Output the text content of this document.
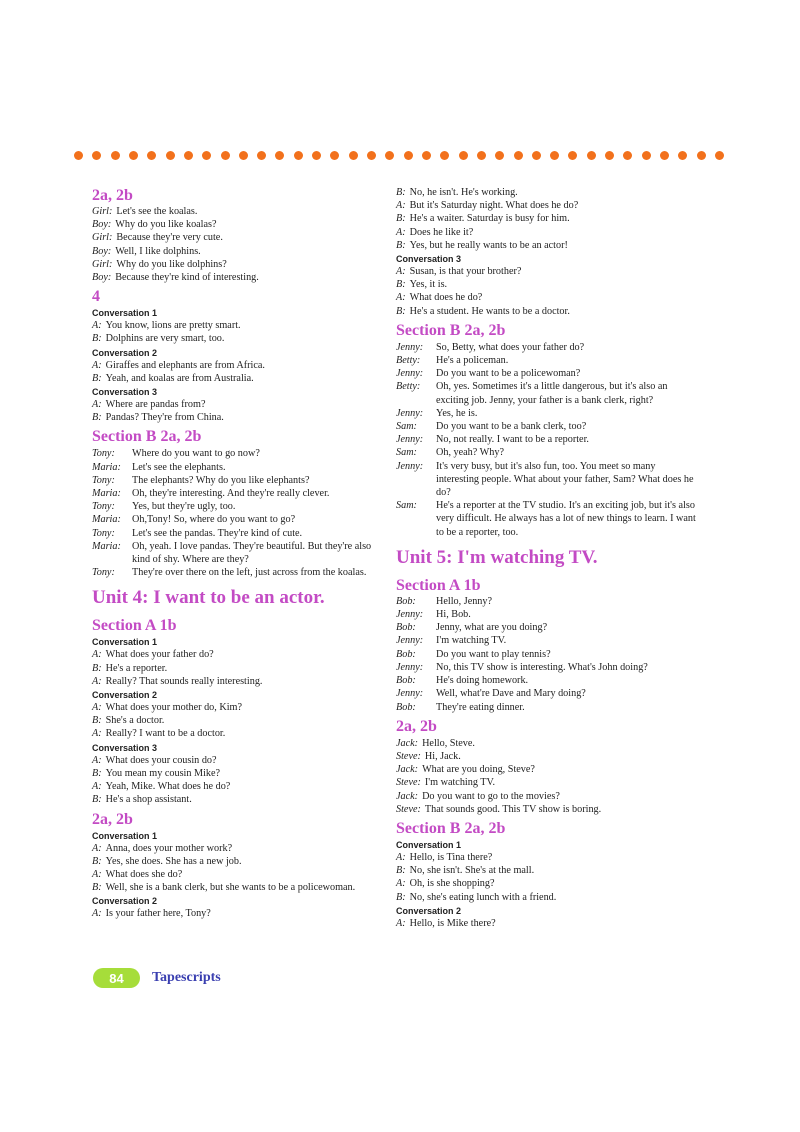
2a, 2b
Girl: Let's see the koalas.
Boy: Why do you like koalas?
Girl: Because they're very cute.
Boy: Well, I like dolphins.
Girl: Why do you like dolphins?
Boy: Because they're kind of interesting.
4
Conversation 1
A: You know, lions are pretty smart.
B: Dolphins are very smart, too.
Conversation 2
A: Giraffes and elephants are from Africa.
B: Yeah, and koalas are from Australia.
Conversation 3
A: Where are pandas from?
B: Pandas? They're from China.
Section B 2a, 2b
Tony:	Where do you want to go now?
Maria:	Let's see the elephants.
Tony:	The elephants? Why do you like elephants?
Maria:	Oh, they're interesting. And they're really clever.
Tony:	Yes, but they're ugly, too.
Maria:	Oh,Tony! So, where do you want to go?
Tony:	Let's see the pandas. They're kind of cute.
Maria:	Oh, yeah. I love pandas. They're beautiful. But they're also kind of shy. Where are they?
Tony:	They're over there on the left, just across from the koalas.
Unit 4: I want to be an actor.
Section A 1b
Conversation 1
A: What does your father do?
B: He's a reporter.
A: Really? That sounds really interesting.
Conversation 2
A: What does your mother do, Kim?
B: She's a doctor.
A: Really? I want to be a doctor.
Conversation 3
A: What does your cousin do?
B: You mean my cousin Mike?
A: Yeah, Mike. What does he do?
B: He's a shop assistant.
2a, 2b
Conversation 1
A: Anna, does your mother work?
B: Yes, she does. She has a new job.
A: What does she do?
B: Well, she is a bank clerk, but she wants to be a policewoman.
Conversation 2
A: Is your father here, Tony?
B: No, he isn't. He's working.
A: But it's Saturday night. What does he do?
B: He's a waiter. Saturday is busy for him.
A: Does he like it?
B: Yes, but he really wants to be an actor!
Conversation 3
A: Susan, is that your brother?
B: Yes, it is.
A: What does he do?
B: He's a student. He wants to be a doctor.
Section B 2a, 2b
Jenny:	So, Betty, what does your father do?
Betty:	He's a policeman.
Jenny:	Do you want to be a policewoman?
Betty:	Oh, yes. Sometimes it's a little dangerous, but it's also an exciting job. Jenny, your father is a bank clerk, right?
Jenny:	Yes, he is.
Sam:	Do you want to be a bank clerk, too?
Jenny:	No, not really. I want to be a reporter.
Sam:	Oh, yeah? Why?
Jenny:	It's very busy, but it's also fun, too. You meet so many interesting people. What about your father, Sam? What does he do?
Sam:	He's a reporter at the TV studio. It's an exciting job, but it's also very difficult. He always has a lot of new things to learn. I want to be a reporter, too.
Unit 5: I'm watching TV.
Section A 1b
Bob:	Hello, Jenny?
Jenny:	Hi, Bob.
Bob:	Jenny, what are you doing?
Jenny:	I'm watching TV.
Bob:	Do you want to play tennis?
Jenny:	No, this TV show is interesting. What's John doing?
Bob:	He's doing homework.
Jenny:	Well, what're Dave and Mary doing?
Bob:	They're eating dinner.
2a, 2b
Jack: Hello, Steve.
Steve: Hi, Jack.
Jack: What are you doing, Steve?
Steve: I'm watching TV.
Jack: Do you want to go to the movies?
Steve: That sounds good. This TV show is boring.
Section B 2a, 2b
Conversation 1
A: Hello, is Tina there?
B: No, she isn't. She's at the mall.
A: Oh, is she shopping?
B: No, she's eating lunch with a friend.
Conversation 2
A: Hello, is Mike there?
84	Tapescripts
